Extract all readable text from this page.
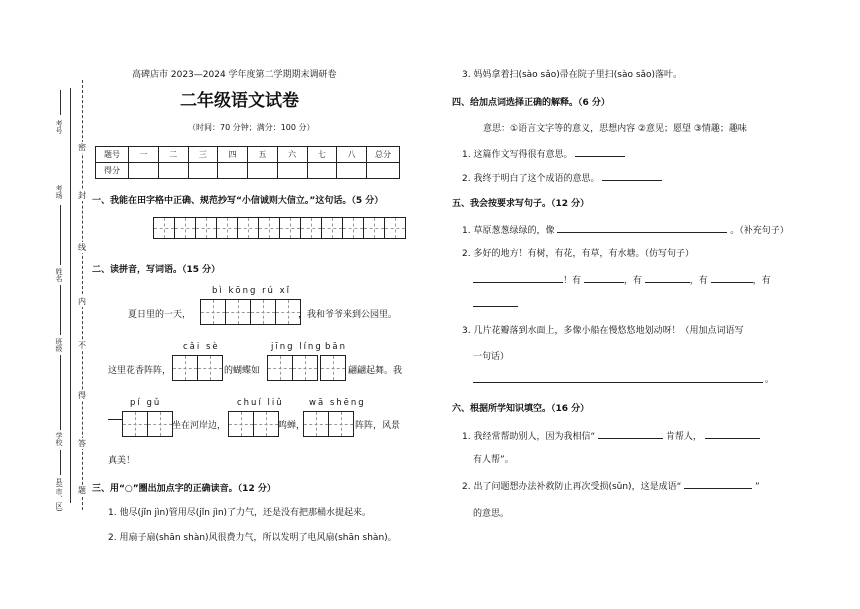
考号
考场
姓名
班级
学校
县(市、区)
密
封
线
内
不
得
答
题
高碑店市 2023—2024 学年度第二学期期末调研卷
二年级语文试卷
（时间：70 分钟；满分：100 分）
题号	一	二	三	四	五	六	七	八	总分
得分									
一、我能在田字格中正确、规范抄写“小信诚则大信立。”这句话。（5 分）
二、读拼音，写词语。（15 分）
bì kōng rú xǐ
夏日里的一天，	，我和爷爷来到公园里。
cǎi sè	jīng líng bān
这里花香阵阵，	的蝴蝶如	翩翩起舞。我
pí gǔ	chuí liǔ	wā shēng
坐在河岸边，	鸣蝉，	阵阵，风景
真美！
三、用“○”圈出加点字的正确读音。（12 分）
1. 他尽(jǐn jìn)管用尽(jǐn jìn)了力气，还是没有把那桶水提起来。
2. 用扇子扇(shān shàn)风很费力气，所以发明了电风扇(shān shàn)。
3. 妈妈拿着扫(sào sǎo)帚在院子里扫(sào sǎo)落叶。
四、给加点词选择正确的解释。（6 分）
意思：①语言文字等的意义，思想内容 ②意见；愿望 ③情趣；趣味
1. 这篇作文写得很有意思。
2. 我终于明白了这个成语的意思。
五、我会按要求写句子。（12 分）
1. 草原葱葱绿绿的，像	。（补充句子）
2. 多好的地方！有树，有花，有草，有水塘。（仿写句子）
！有	，有	，有	，有
3. 几片花瓣落到水面上，多像小船在慢悠悠地划动呀！（用加点词语写
一句话）
。
六、根据所学知识填空。（16 分）
1. 我经常帮助别人，因为我相信“	肯帮人，
有人帮”。
2. 出了问题想办法补救防止再次受损(sǔn)，这是成语“	”
的意思。
